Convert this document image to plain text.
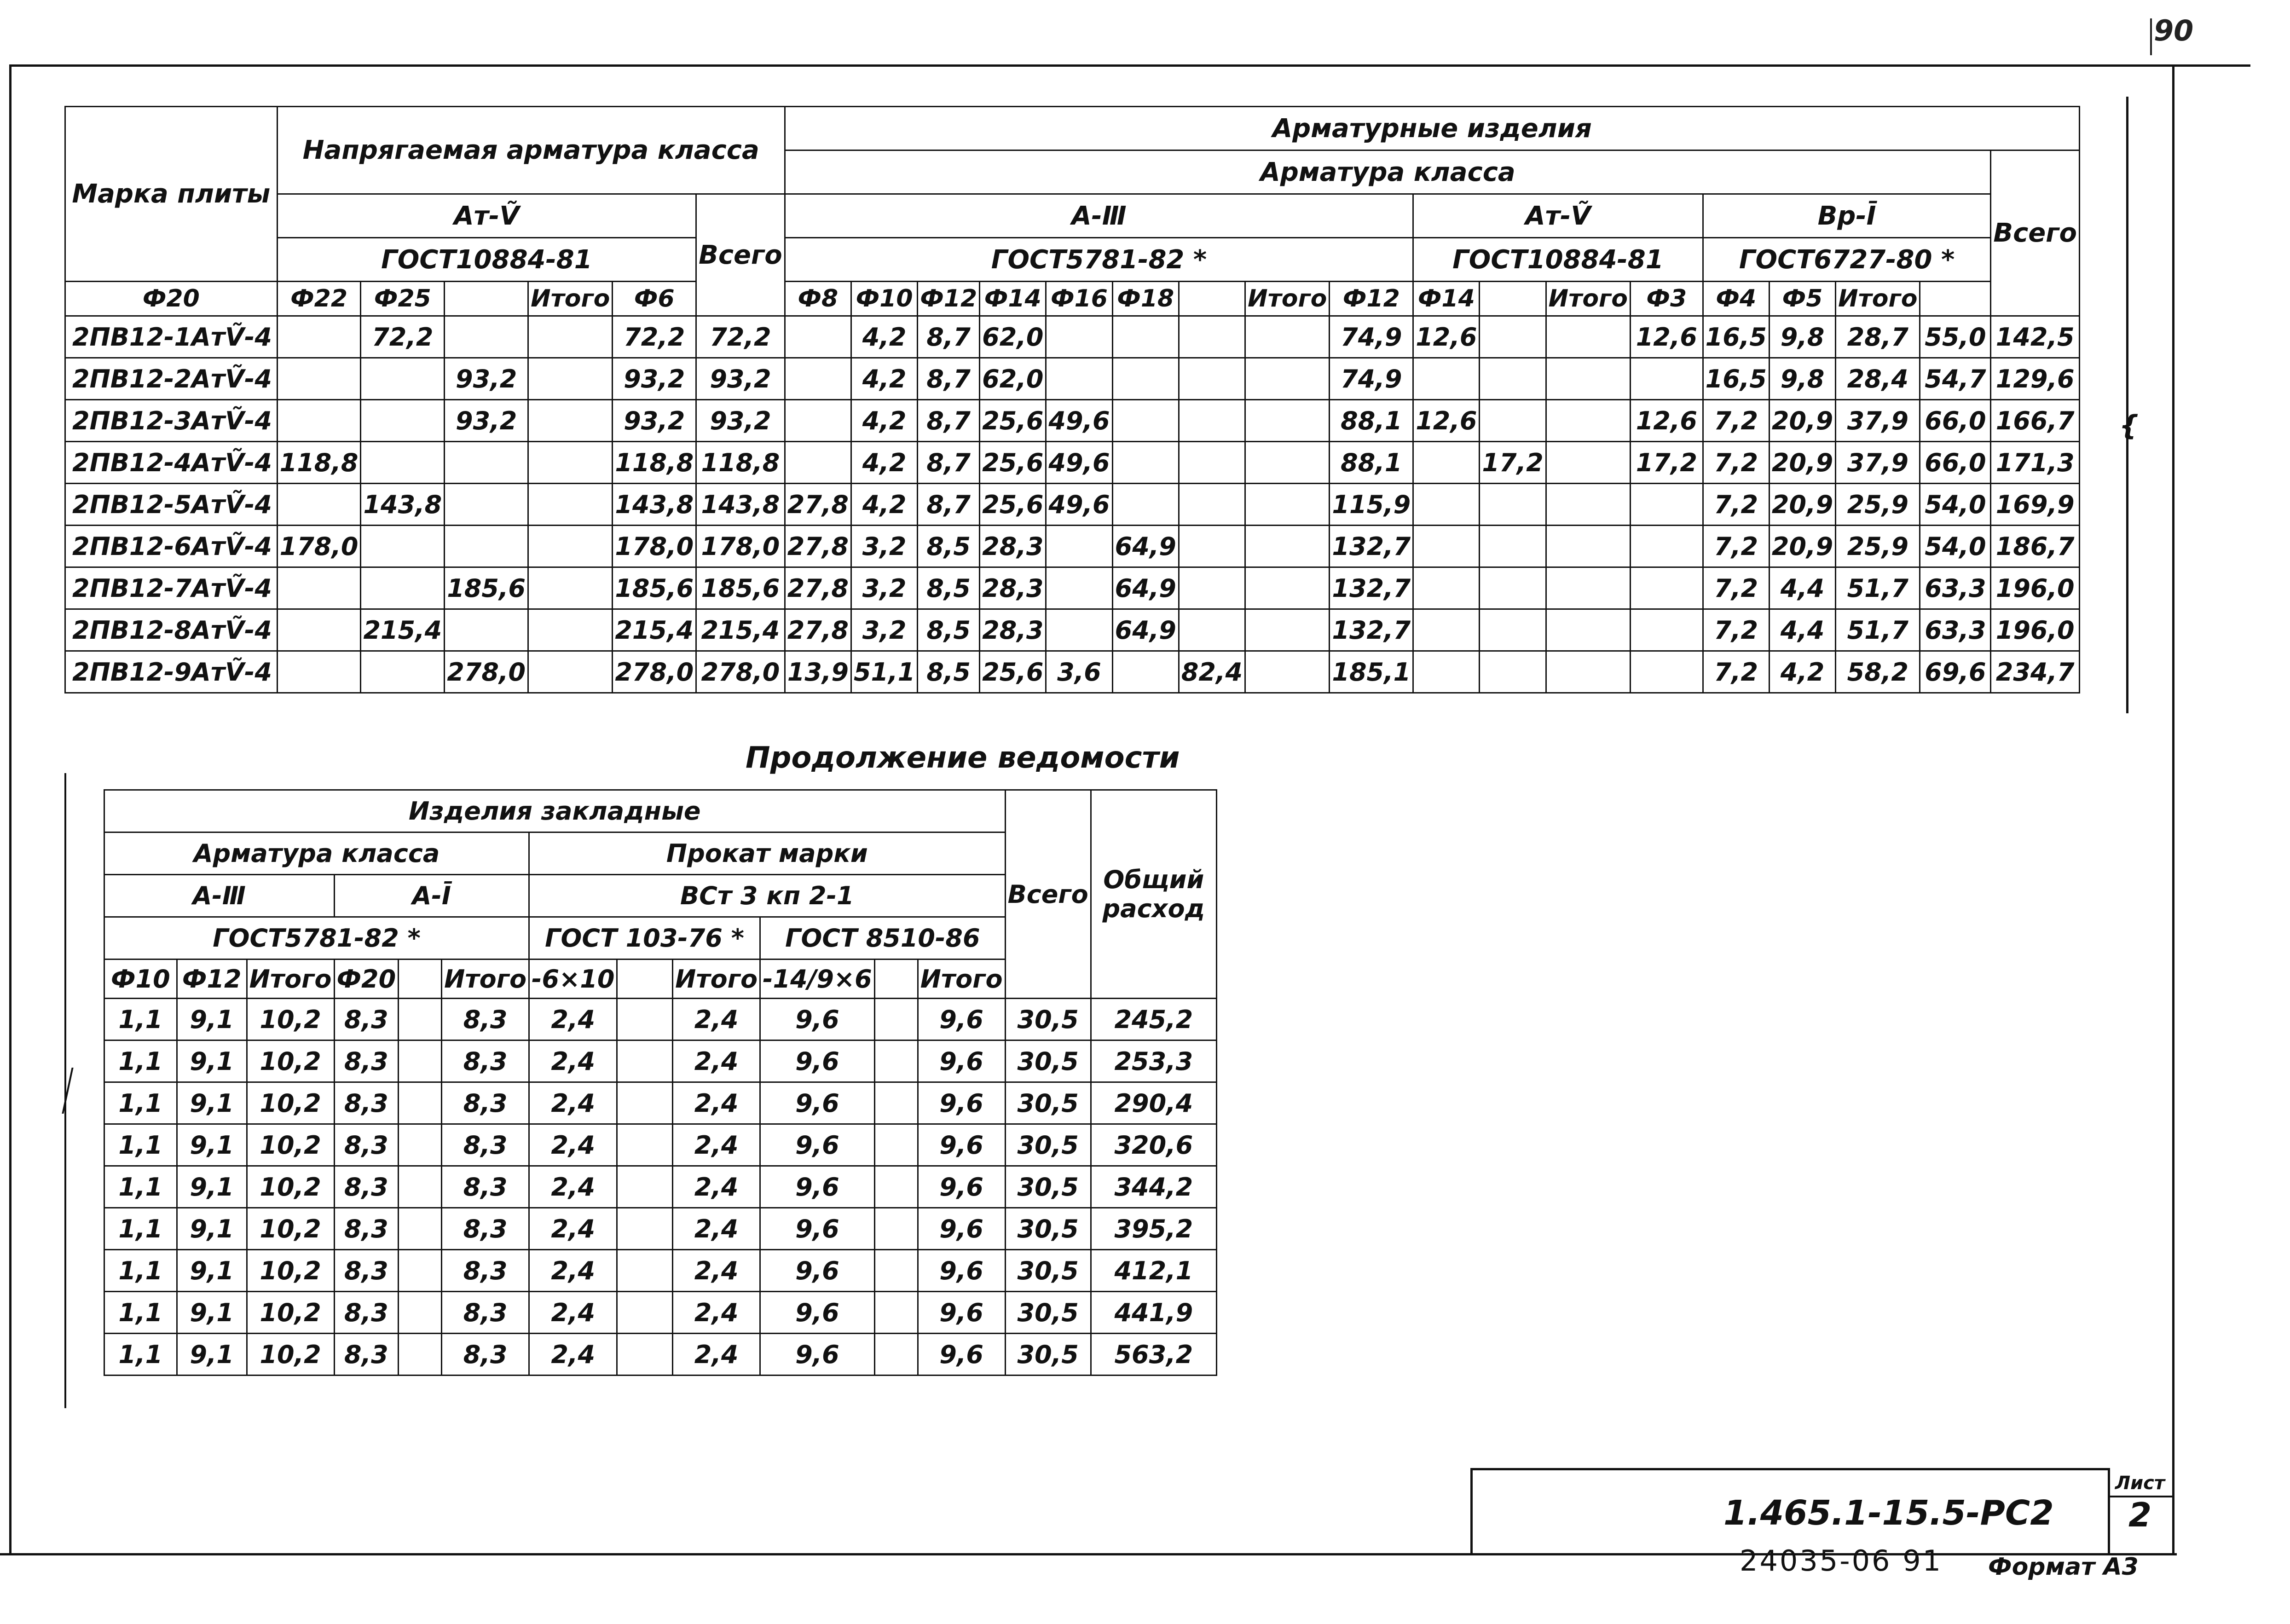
90
{
Марка плиты	Напрягаемая арматура класса						Арматурные изделия																	
							Арматура класса																	Всего
	Aт-Ṽ					Всего	A-Ⅲ									Aт-Ṽ				Вр-Ī				
	ГОСТ10884-81						ГОСТ5781-82 *									ГОСТ10884-81				ГОСТ6727-80 *				
Ф20	Ф22	Ф25		Итого	Ф6		Ф8	Ф10	Ф12	Ф14	Ф16	Ф18		Итого	Ф12	Ф14		Итого	Ф3	Ф4	Ф5	Итого		
2ПВ12-1AтṼ-4		72,2			72,2	72,2		4,2	8,7	62,0					74,9	12,6			12,6	16,5	9,8	28,7	55,0	142,5
2ПВ12-2AтṼ-4			93,2		93,2	93,2		4,2	8,7	62,0					74,9					16,5	9,8	28,4	54,7	129,6
2ПВ12-3AтṼ-4			93,2		93,2	93,2		4,2	8,7	25,6	49,6				88,1	12,6			12,6	7,2	20,9	37,9	66,0	166,7
2ПВ12-4AтṼ-4	118,8				118,8	118,8		4,2	8,7	25,6	49,6				88,1		17,2		17,2	7,2	20,9	37,9	66,0	171,3
2ПВ12-5AтṼ-4		143,8			143,8	143,8	27,8	4,2	8,7	25,6	49,6				115,9					7,2	20,9	25,9	54,0	169,9
2ПВ12-6AтṼ-4	178,0				178,0	178,0	27,8	3,2	8,5	28,3		64,9			132,7					7,2	20,9	25,9	54,0	186,7
2ПВ12-7AтṼ-4			185,6		185,6	185,6	27,8	3,2	8,5	28,3		64,9			132,7					7,2	4,4	51,7	63,3	196,0
2ПВ12-8AтṼ-4		215,4			215,4	215,4	27,8	3,2	8,5	28,3		64,9			132,7					7,2	4,4	51,7	63,3	196,0
2ПВ12-9AтṼ-4			278,0		278,0	278,0	13,9	51,1	8,5	25,6	3,6		82,4		185,1					7,2	4,2	58,2	69,6	234,7
Продолжение ведомости
Изделия закладные												Всего	Общий расход
Арматура класса						Прокат марки							
A-Ⅲ			A-Ī			ВСт 3 кп 2-1							
ГОСТ5781-82 *						ГОСТ 103-76 *			ГОСТ 8510-86				
Ф10	Ф12	Итого	Ф20		Итого	-6×10		Итого	-14/9×6		Итого		
1,1	9,1	10,2	8,3		8,3	2,4		2,4	9,6		9,6	30,5	245,2
1,1	9,1	10,2	8,3		8,3	2,4		2,4	9,6		9,6	30,5	253,3
1,1	9,1	10,2	8,3		8,3	2,4		2,4	9,6		9,6	30,5	290,4
1,1	9,1	10,2	8,3		8,3	2,4		2,4	9,6		9,6	30,5	320,6
1,1	9,1	10,2	8,3		8,3	2,4		2,4	9,6		9,6	30,5	344,2
1,1	9,1	10,2	8,3		8,3	2,4		2,4	9,6		9,6	30,5	395,2
1,1	9,1	10,2	8,3		8,3	2,4		2,4	9,6		9,6	30,5	412,1
1,1	9,1	10,2	8,3		8,3	2,4		2,4	9,6		9,6	30,5	441,9
1,1	9,1	10,2	8,3		8,3	2,4		2,4	9,6		9,6	30,5	563,2
1.465.1-15.5-РС2
Лист
2
24035-06 91 Формат А3
